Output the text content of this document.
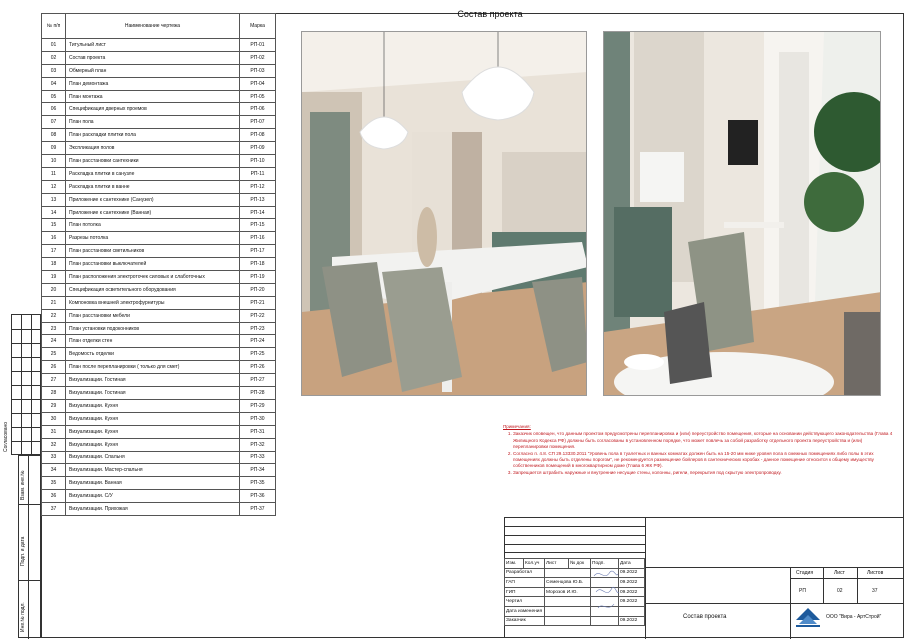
Согласовано
Взам. инв.№
Подп. и дата
Инв.№ подл.
№ п/п	Наименование чертежа	Марка
01	Титульный лист	РП-01
02	Состав проекта	РП-02
03	Обмерный план	РП-03
04	План демонтажа	РП-04
05	План монтажа	РП-05
06	Спецификация дверных проемов	РП-06
07	План пола	РП-07
08	План раскладки плитки пола	РП-08
09	Экспликация полов	РП-09
10	План расстановки сантехники	РП-10
11	Раскладка плитки в санузле	РП-11
12	Раскладка плитки в ванне	РП-12
13	Приложение к сантехнике (Санузел)	РП-13
14	Приложение к сантехнике (Ванная)	РП-14
15	План потолка	РП-15
16	Разрезы потолка	РП-16
17	План расстановки светильников	РП-17
18	План расстановки выключателей	РП-18
19	План расположения электроточек силовых и слаботочных	РП-19
20	Спецификация осветительного оборудования	РП-20
21	Компоновка внешней электрофурнитуры	РП-21
22	План расстановки мебели	РП-22
23	План установки подоконников	РП-23
24	План отделки стен	РП-24
25	Ведомость отделки	РП-25
26	План после перепланировки ( только для смет)	РП-26
27	Визуализации. Гостиная	РП-27
28	Визуализации. Гостиная	РП-28
29	Визуализации. Кухня	РП-29
30	Визуализации. Кухня	РП-30
31	Визуализации. Кухня	РП-31
32	Визуализации. Кухня	РП-32
33	Визуализации. Спальня	РП-33
34	Визуализации. Мастер-спальня	РП-34
35	Визуализации. Ванная	РП-35
36	Визуализации. С/У	РП-36
37	Визуализации. Прихожая	РП-37
Состав проекта
Примечания:
1. Заказчик оповещен, что данным проектом предусмотрены перепланировка и (или) переустройство помещения, которые на основании действующего законодательства (Глава 4 Жилищного Кодекса РФ) должны быть согласованы в установленном порядке, что может повлечь за собой разработку отдельного проекта переустройства и (или) перепланировки помещения.
2. Согласно п. 4.8. СП 29.13330.2011 "Уровень пола в туалетных и ванных комнатах должен быть на 15-20 мм ниже уровня пола в смежных помещениях либо полы в этих помещениях должны быть отделены порогом", не рекомендуется размещение бойлеров в сантехнических коробах - данное помещение относится к общему имуществу собственников помещений в многоквартирном доме (Глава 6 ЖК РФ).
3. Запрещается штрабить наружные и внутренние несущие стены, колонны, ригели, перекрытия под скрытую электропроводку.
Изм.	Кол.уч	Лист	№ док	Подп.	Дата
Разработал					09.2022
ГАП		Семенцова Ю.Б.			09.2022
ГИП		Морозов И.Ю.			09.2022
Чертил					09.2022
Дата изменения					
Заказчик					09.2022
Состав проекта
Стадия	Лист	Листов
РП	02	37
ООО "Вира - АртСтрой"
